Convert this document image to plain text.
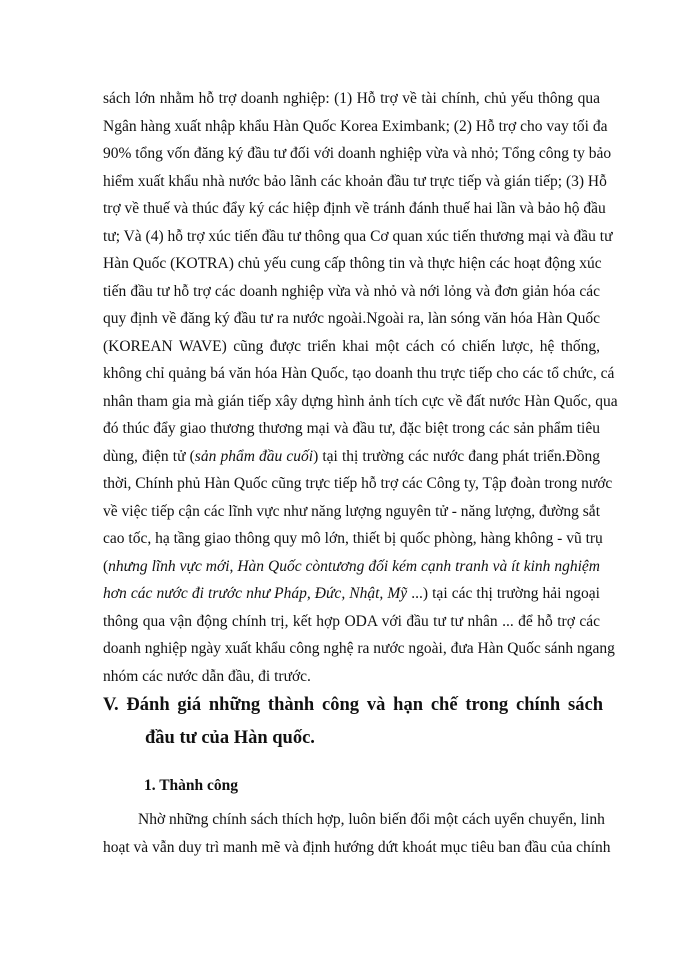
sách lớn nhằm hỗ trợ doanh nghiệp: (1) Hỗ trợ về tài chính, chủ yếu thông qua
Ngân hàng xuất nhập khẩu Hàn Quốc Korea Eximbank; (2) Hỗ trợ cho vay tối đa
90% tổng vốn đăng ký đầu tư đối với doanh nghiệp vừa và nhỏ; Tổng công ty bảo
hiểm xuất khẩu nhà nước bảo lãnh các khoản đầu tư trực tiếp và gián tiếp; (3) Hỗ
trợ về thuế và thúc đẩy ký các hiệp định về tránh đánh thuế hai lần và bảo hộ đầu
tư; Và (4) hỗ trợ xúc tiến đầu tư thông qua Cơ quan xúc tiến thương mại và đầu tư
Hàn Quốc (KOTRA) chủ yếu cung cấp thông tin và thực hiện các hoạt động xúc
tiến đầu tư hỗ trợ các doanh nghiệp vừa và nhỏ và nới lỏng và đơn giản hóa các
quy định về đăng ký đầu tư ra nước ngoài.Ngoài ra, làn sóng văn hóa Hàn Quốc
(KOREAN WAVE) cũng được triển khai một cách có chiến lược, hệ thống,
không chỉ quảng bá văn hóa Hàn Quốc, tạo doanh thu trực tiếp cho các tổ chức, cá
nhân tham gia mà gián tiếp xây dựng hình ảnh tích cực về đất nước Hàn Quốc, qua
đó thúc đẩy giao thương thương mại và đầu tư, đặc biệt trong các sản phẩm tiêu
dùng, điện tử (sản phẩm đầu cuối) tại thị trường các nước đang phát triển.Đồng
thời, Chính phủ Hàn Quốc cũng trực tiếp hỗ trợ các Công ty, Tập đoàn trong nước
về việc tiếp cận các lĩnh vực như năng lượng nguyên tử - năng lượng, đường sắt
cao tốc, hạ tầng giao thông quy mô lớn, thiết bị quốc phòng, hàng không - vũ trụ
(nhưng lĩnh vực mới, Hàn Quốc còntương đối kém cạnh tranh và ít kinh nghiệm
hơn các nước đi trước như Pháp, Đức, Nhật, Mỹ ...) tại các thị trường hải ngoại
thông qua vận động chính trị, kết hợp ODA với đầu tư tư nhân ... để hỗ trợ các
doanh nghiệp ngày xuất khẩu công nghệ ra nước ngoài, đưa Hàn Quốc sánh ngang
nhóm các nước dẫn đầu, đi trước.
V. Đánh giá những thành công và hạn chế trong chính sách
đầu tư của Hàn quốc.
1. Thành công
Nhờ những chính sách thích hợp, luôn biến đổi một cách uyển chuyển, linh
hoạt và vẫn duy trì manh mẽ và định hướng dứt khoát mục tiêu ban đầu của chính
